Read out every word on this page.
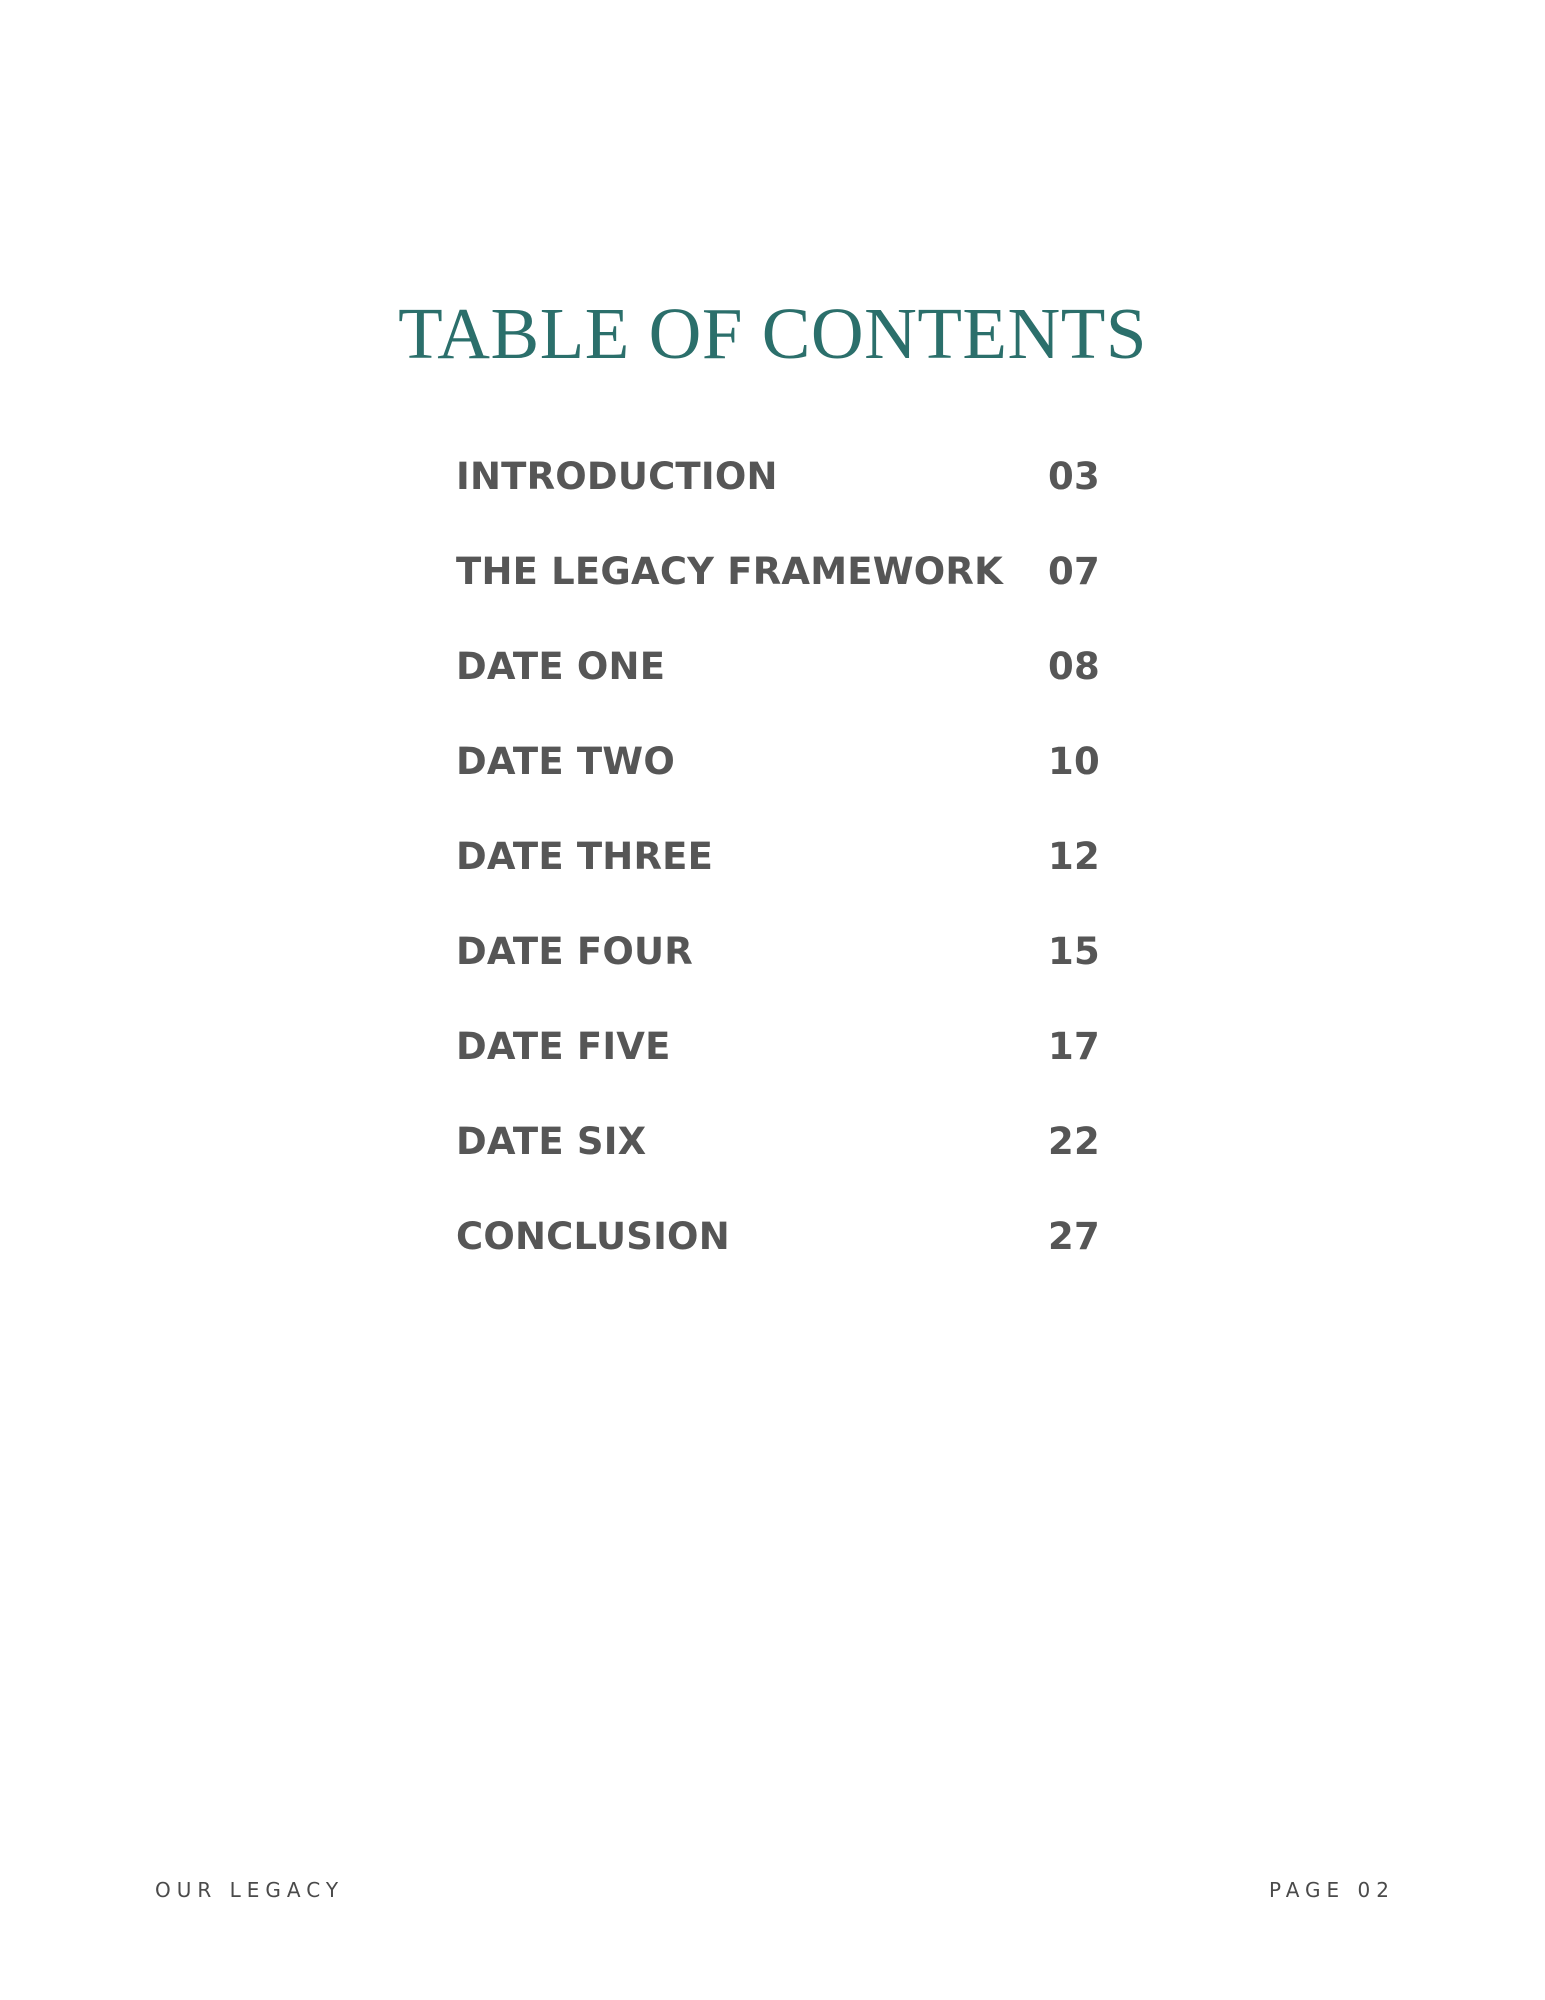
TABLE OF CONTENTS
INTRODUCTION	03
THE LEGACY FRAMEWORK 07
DATE ONE	08
DATE TWO	10
DATE THREE	12
DATE FOUR	15
DATE FIVE	17
DATE SIX	22
CONCLUSION	27
OUR LEGACY	PAGE 02
